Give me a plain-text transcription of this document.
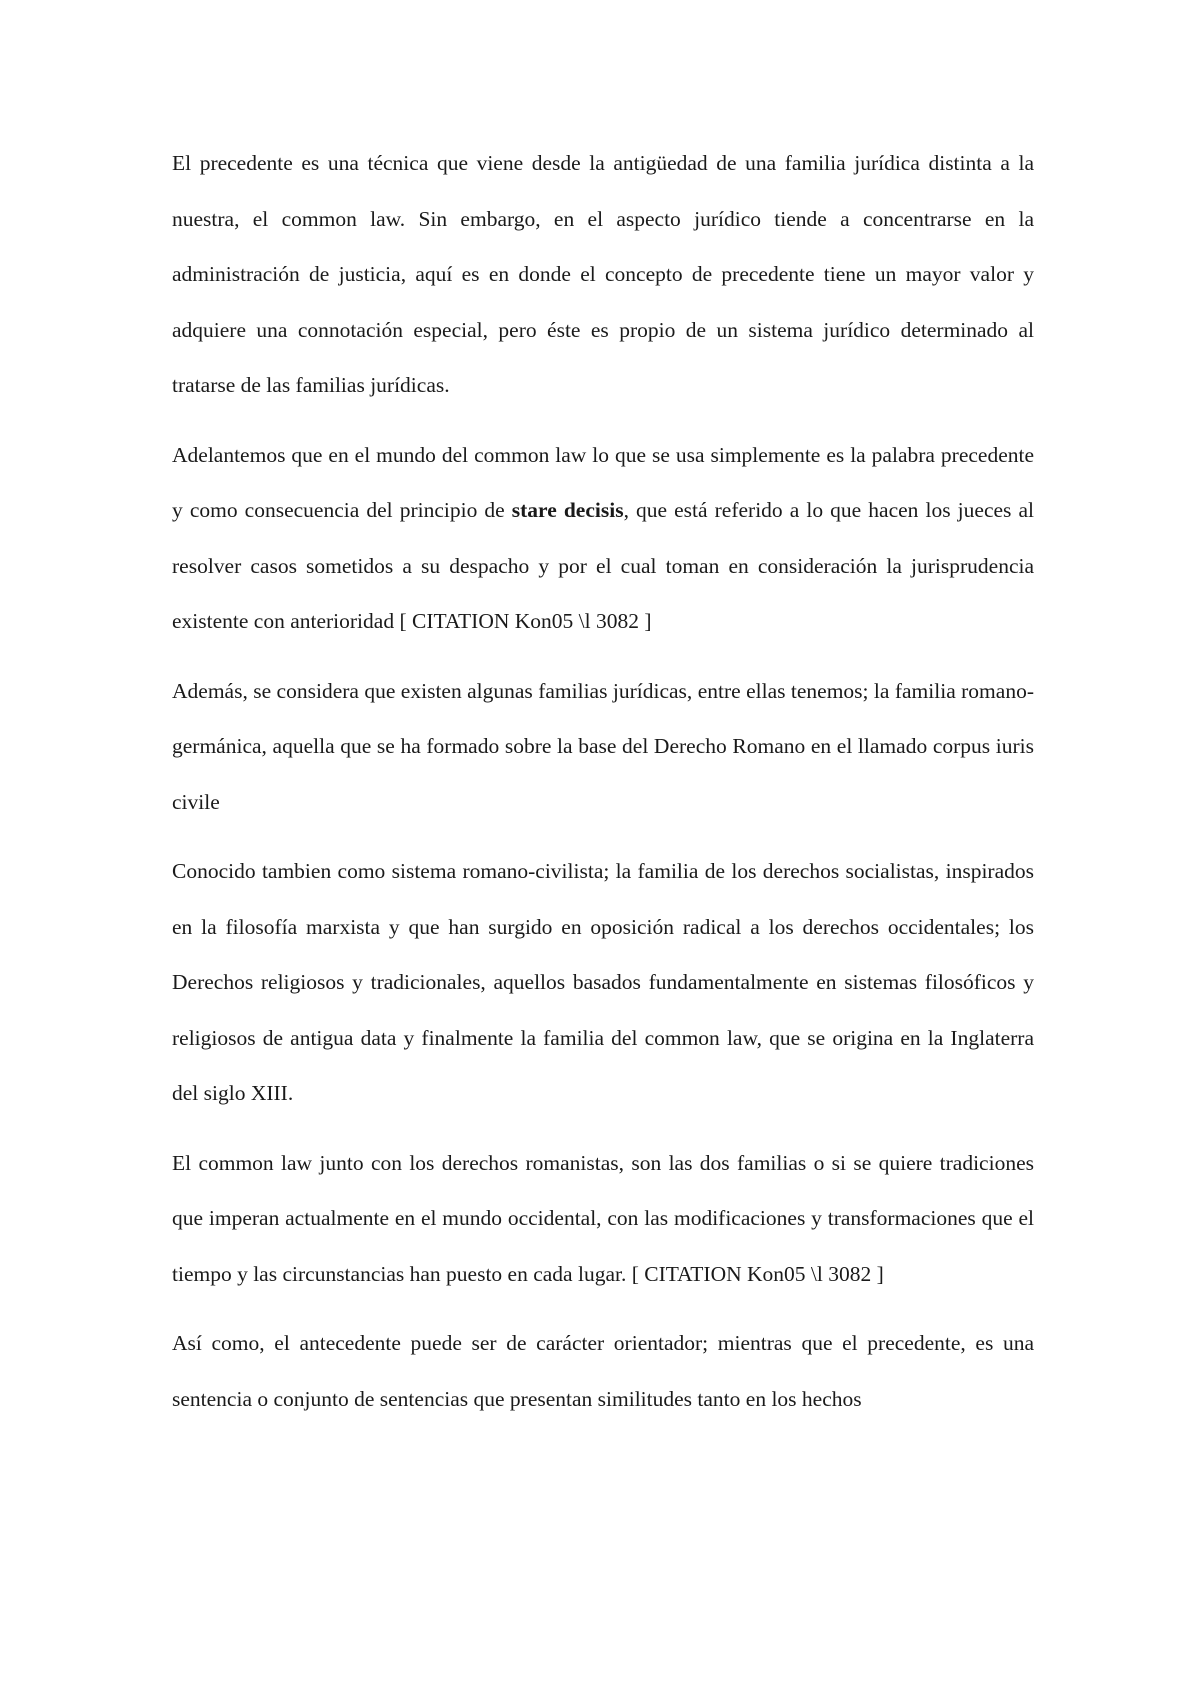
El precedente es una técnica que viene desde la antigüedad de una familia jurídica distinta a la nuestra, el common law. Sin embargo, en el aspecto jurídico tiende a concentrarse en la administración de justicia, aquí es en donde el concepto de precedente tiene un mayor valor y adquiere una connotación especial, pero éste es propio de un sistema jurídico determinado al tratarse de las familias jurídicas.

Adelantemos que en el mundo del common law lo que se usa simplemente es la palabra precedente y como consecuencia del principio de stare decisis, que está referido a lo que hacen los jueces al resolver casos sometidos a su despacho y por el cual toman en consideración la jurisprudencia existente con anterioridad [ CITATION Kon05 \l 3082 ]

Además, se considera que existen algunas familias jurídicas, entre ellas tenemos; la familia romano-germánica, aquella que se ha formado sobre la base del Derecho Romano en el llamado corpus iuris civile

Conocido tambien como sistema romano-civilista; la familia de los derechos socialistas, inspirados en la filosofía marxista y que han surgido en oposición radical a los derechos occidentales; los Derechos religiosos y tradicionales, aquellos basados fundamentalmente en sistemas filosóficos y religiosos de antigua data y finalmente la familia del common law, que se origina en la Inglaterra del siglo XIII.

El common law junto con los derechos romanistas, son las dos familias o si se quiere tradiciones que imperan actualmente en el mundo occidental, con las modificaciones y transformaciones que el tiempo y las circunstancias han puesto en cada lugar. [ CITATION Kon05 \l 3082 ]

Así como, el antecedente puede ser de carácter orientador; mientras que el precedente, es una sentencia o conjunto de sentencias que presentan similitudes tanto en los hechos
